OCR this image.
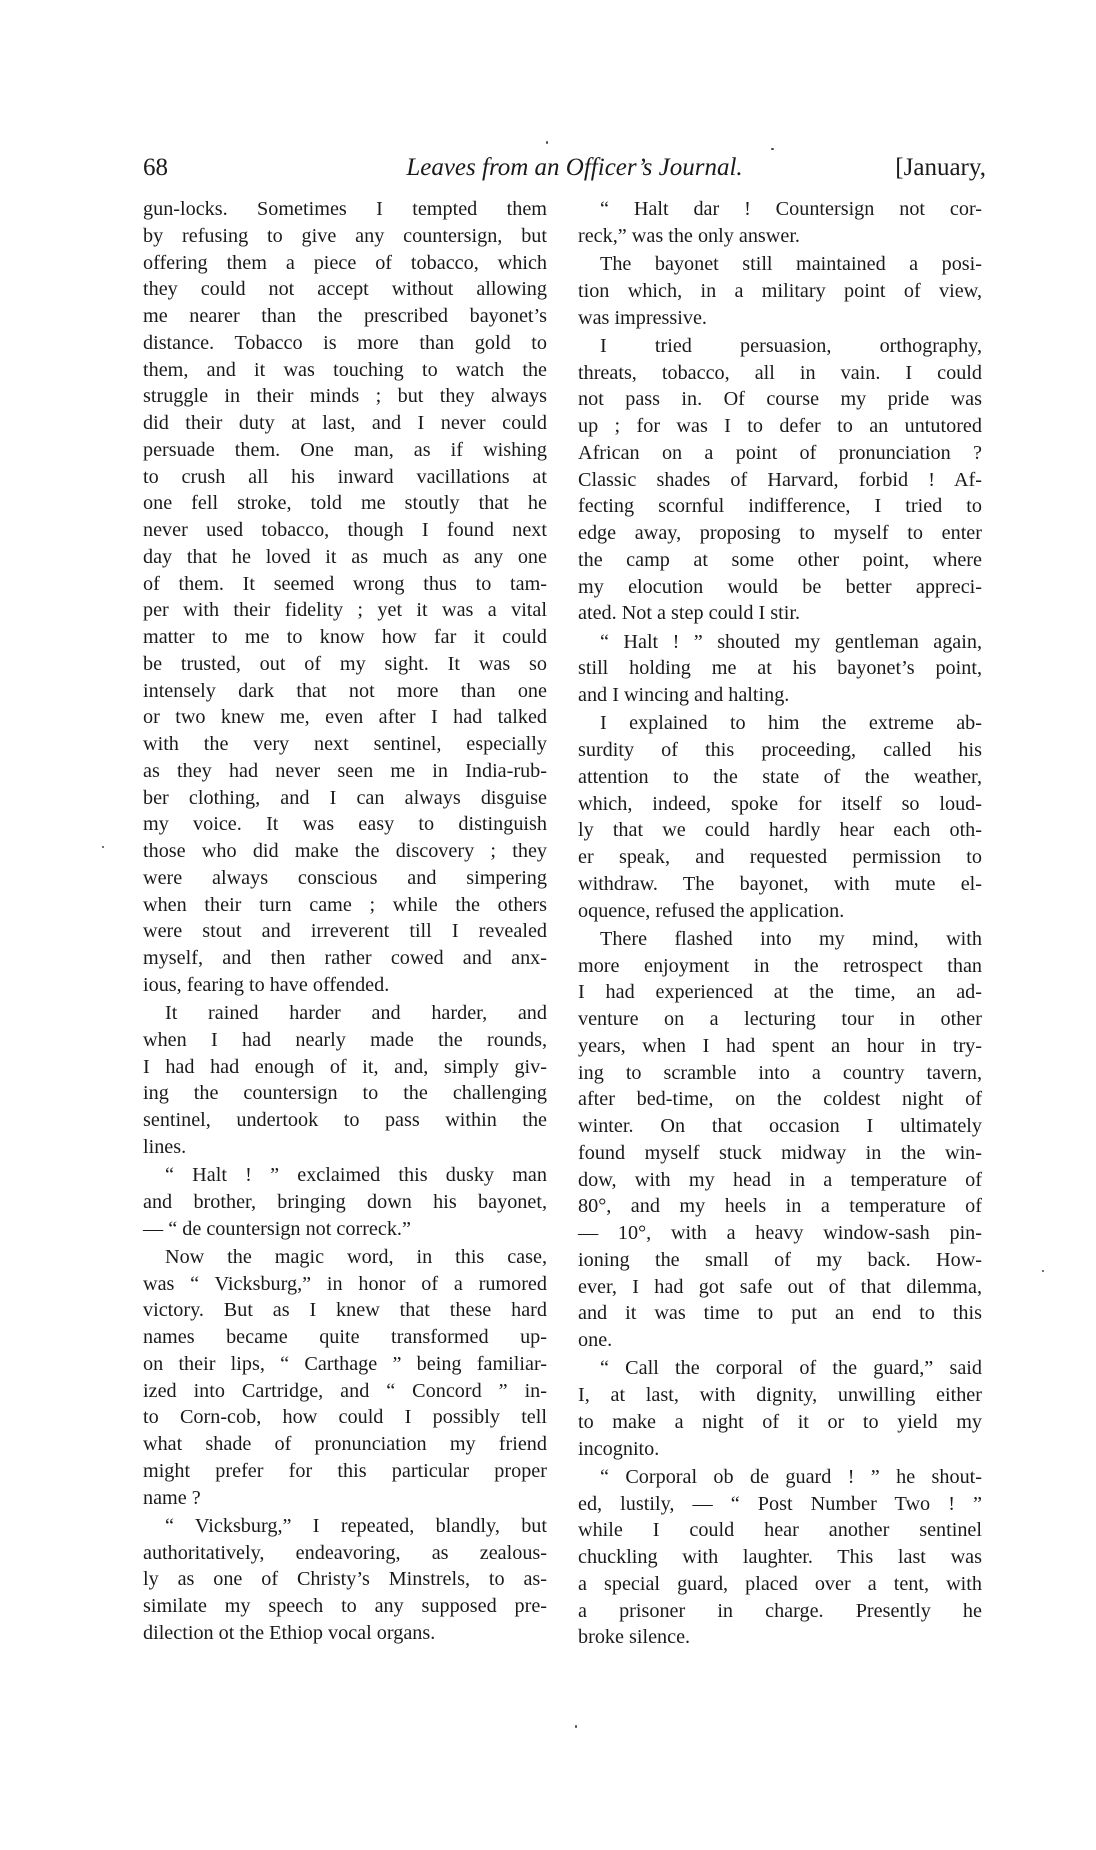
68	Leaves from an Officer’s Journal.	[January,

gun-locks. Sometimes I tempted them
by refusing to give any countersign, but
offering them a piece of tobacco, which
they could not accept without allowing
me nearer than the prescribed bayonet’s
distance. Tobacco is more than gold to
them, and it was touching to watch the
struggle in their minds ; but they always
did their duty at last, and I never could
persuade them. One man, as if wishing
to crush all his inward vacillations at
one fell stroke, told me stoutly that he
never used tobacco, though I found next
day that he loved it as much as any one
of them. It seemed wrong thus to tam-
per with their fidelity ; yet it was a vital
matter to me to know how far it could
be trusted, out of my sight. It was so
intensely dark that not more than one
or two knew me, even after I had talked
with the very next sentinel, especially
as they had never seen me in India-rub-
ber clothing, and I can always disguise
my voice. It was easy to distinguish
those who did make the discovery ; they
were always conscious and simpering
when their turn came ; while the others
were stout and irreverent till I revealed
myself, and then rather cowed and anx-
ious, fearing to have offended.

It rained harder and harder, and
when I had nearly made the rounds,
I had had enough of it, and, simply giv-
ing the countersign to the challenging
sentinel, undertook to pass within the
lines.

“ Halt ! ” exclaimed this dusky man
and brother, bringing down his bayonet,
— “ de countersign not correck.”

Now the magic word, in this case,
was “ Vicksburg,” in honor of a rumored
victory. But as I knew that these hard
names became quite transformed up-
on their lips, “ Carthage ” being familiar-
ized into Cartridge, and “ Concord ” in-
to Corn-cob, how could I possibly tell
what shade of pronunciation my friend
might prefer for this particular proper
name ?

“ Vicksburg,” I repeated, blandly, but
authoritatively, endeavoring, as zealous-
ly as one of Christy’s Minstrels, to as-
similate my speech to any supposed pre-
dilection ot the Ethiop vocal organs.

“ Halt dar ! Countersign not cor-
reck,” was the only answer.

The bayonet still maintained a posi-
tion which, in a military point of view,
was impressive.

I tried persuasion, orthography,
threats, tobacco, all in vain. I could
not pass in. Of course my pride was
up ; for was I to defer to an untutored
African on a point of pronunciation ?
Classic shades of Harvard, forbid ! Af-
fecting scornful indifference, I tried to
edge away, proposing to myself to enter
the camp at some other point, where
my elocution would be better appreci-
ated. Not a step could I stir.

“ Halt ! ” shouted my gentleman again,
still holding me at his bayonet’s point,
and I wincing and halting.

I explained to him the extreme ab-
surdity of this proceeding, called his
attention to the state of the weather,
which, indeed, spoke for itself so loud-
ly that we could hardly hear each oth-
er speak, and requested permission to
withdraw. The bayonet, with mute el-
oquence, refused the application.

There flashed into my mind, with
more enjoyment in the retrospect than
I had experienced at the time, an ad-
venture on a lecturing tour in other
years, when I had spent an hour in try-
ing to scramble into a country tavern,
after bed-time, on the coldest night of
winter. On that occasion I ultimately
found myself stuck midway in the win-
dow, with my head in a temperature of
80°, and my heels in a temperature of
— 10°, with a heavy window-sash pin-
ioning the small of my back. How-
ever, I had got safe out of that dilemma,
and it was time to put an end to this
one.

“ Call the corporal of the guard,” said
I, at last, with dignity, unwilling either
to make a night of it or to yield my
incognito.

“ Corporal ob de guard ! ” he shout-
ed, lustily, — “ Post Number Two ! ”
while I could hear another sentinel
chuckling with laughter. This last was
a special guard, placed over a tent, with
a prisoner in charge. Presently he
broke silence.
